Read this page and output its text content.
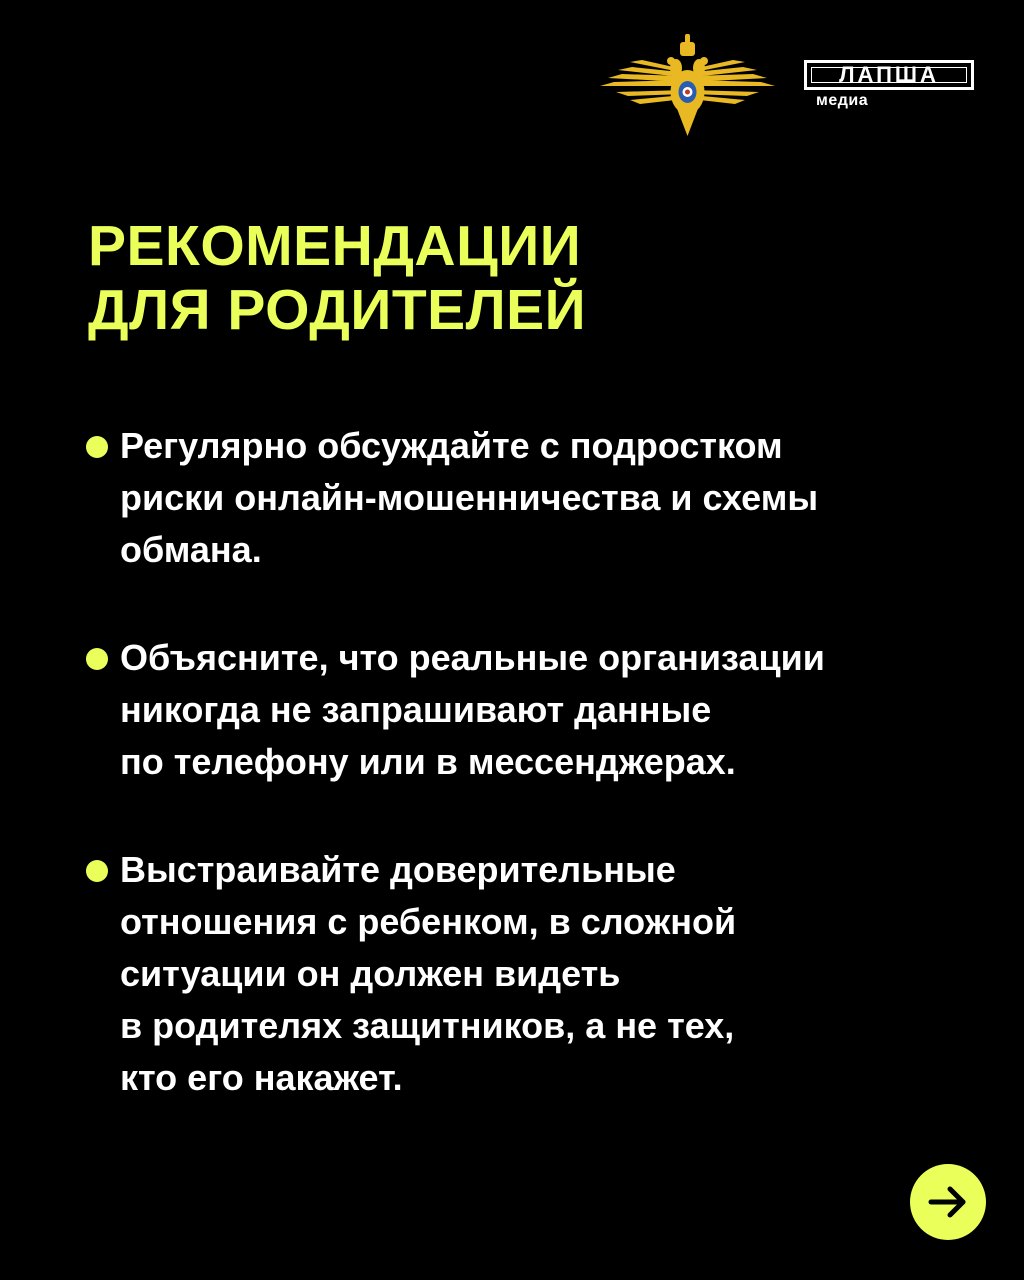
ЛАПША
медиа
РЕКОМЕНДАЦИИ
ДЛЯ РОДИТЕЛЕЙ
Регулярно обсуждайте с подростком
риски онлайн-мошенничества и схемы
обмана.
Объясните, что реальные организации
никогда не запрашивают данные
по телефону или в мессенджерах.
Выстраивайте доверительные
отношения с ребенком, в сложной
ситуации он должен видеть
в родителях защитников, а не тех,
кто его накажет.
